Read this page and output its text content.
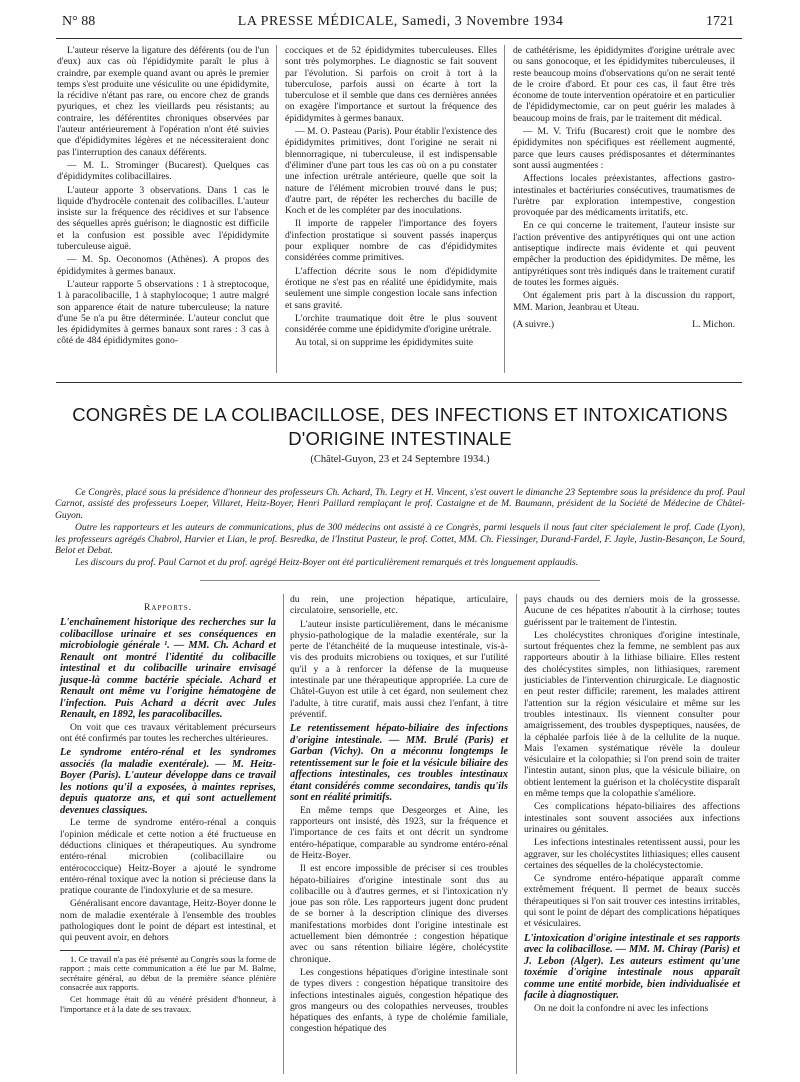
N° 88	LA PRESSE MÉDICALE, Samedi, 3 Novembre 1934	1721

L'auteur réserve la ligature des déférents (ou de l'un d'eux) aux cas où l'épididymite paraît le plus à craindre, par exemple quand avant ou après le premier temps s'est produite une vésiculite ou une épididymite, la récidive n'étant pas rare, ou encore chez de grands pyuriques, et chez les vieillards peu résistants; au contraire, les déférentites chroniques observées par l'auteur antérieurement à l'opération n'ont été suivies que d'épididymites légères et ne nécessiteraient donc pas l'interruption des canaux déférents.

— M. L. Strominger (Bucarest). Quelques cas d'épididymites colibacillaires.

L'auteur apporte 3 observations. Dans 1 cas le liquide d'hydrocèle contenait des colibacilles. L'auteur insiste sur la fréquence des récidives et sur l'absence des séquelles après guérison; le diagnostic est difficile et la confusion est possible avec l'épididymite tuberculeuse aiguë.

— M. Sp. Oeconomos (Athènes). A propos des épididymites à germes banaux.

L'auteur rapporte 5 observations : 1 à streptocoque, 1 à paracolibacille, 1 à staphylocoque; 1 autre malgré son apparence était de nature tuberculeuse; la nature d'une 5e n'a pu être déterminée. L'auteur conclut que les épididymites à germes banaux sont rares : 3 cas à côté de 484 épididymites gono-

cocciques et de 52 épididymites tuberculeuses. Elles sont très polymorphes. Le diagnostic se fait souvent par l'évolution. Si parfois on croit à tort à la tuberculose, parfois aussi on écarte à tort la tuberculose et il semble que dans ces dernières années on exagère l'importance et surtout la fréquence des épididymites à germes banaux.

— M. O. Pasteau (Paris). Pour établir l'existence des épididymites primitives, dont l'origine ne serait ni blennorragique, ni tuberculeuse, il est indispensable d'éliminer d'une part tous les cas où on a pu constater une infection urétrale antérieure, quelle que soit la nature de l'élément microbien trouvé dans le pus; d'autre part, de répéter les recherches du bacille de Koch et de les compléter par des inoculations.

Il importe de rappeler l'importance des foyers d'infection prostatique si souvent passés inaperçus pour expliquer nombre de cas d'épididymites considérées comme primitives.

L'affection décrite sous le nom d'épididymite érotique ne s'est pas en réalité une épididymite, mais seulement une simple congestion locale sans infection et sans gravité.

L'orchite traumatique doit être le plus souvent considérée comme une épididymite d'origine urétrale.

Au total, si on supprime les épididymites suite

de cathétérisme, les épididymites d'origine urétrale avec ou sans gonocoque, et les épididymites tuberculeuses, il reste beaucoup moins d'observations qu'on ne serait tenté de le croire d'abord. Et pour ces cas, il faut être très économe de toute intervention opératoire et en particulier de l'épididymectomie, car on peut guérir les malades à beaucoup moins de frais, par le traitement dit médical.

— M. V. Trifu (Bucarest) croit que le nombre des épididymites non spécifiques est réellement augmenté, parce que leurs causes prédisposantes et déterminantes sont aussi augmentées :

Affections locales préexistantes, affections gastro-intestinales et bactériuries consécutives, traumatismes de l'urètre par exploration intempestive, congestion provoquée par des médicaments irritatifs, etc.

En ce qui concerne le traitement, l'auteur insiste sur l'action préventive des antipyrétiques qui ont une action antiseptique indirecte mais évidente et qui peuvent empêcher la production des épididymites. De même, les antipyrétiques sont très indiqués dans le traitement curatif de toutes les formes aiguës.

Ont également pris part à la discussion du rapport, MM. Marion, Jeanbrau et Uteau.

(A suivre.)	L. Michon.
CONGRÈS DE LA COLIBACILLOSE, DES INFECTIONS ET INTOXICATIONS
D'ORIGINE INTESTINALE
(Châtel-Guyon, 23 et 24 Septembre 1934.)

Ce Congrès, placé sous la présidence d'honneur des professeurs Ch. Achard, Th. Legry et H. Vincent, s'est ouvert le dimanche 23 Septembre sous la présidence du prof. Paul Carnot, assisté des professeurs Loeper, Villaret, Heitz-Boyer, Henri Paillard remplaçant le prof. Castaigne et de M. Baumann, président de la Société de Médecine de Châtel-Guyon.

Outre les rapporteurs et les auteurs de communications, plus de 300 médecins ont assisté à ce Congrès, parmi lesquels il nous faut citer spécialement le prof. Cade (Lyon), les professeurs agrégés Chabrol, Harvier et Lian, le prof. Besredka, de l'Institut Pasteur, le prof. Cottet, MM. Ch. Fiessinger, Durand-Fardel, F. Jayle, Justin-Besançon, Le Sourd, Belot et Debat.

Les discours du prof. Paul Carnot et du prof. agrégé Heitz-Boyer ont été particulièrement remarqués et très longuement applaudis.

Rapports.

L'enchaînement historique des recherches sur la colibacillose urinaire et ses conséquences en microbiologie générale ¹. — MM. Ch. Achard et Renault ont montré l'identité du colibacille intestinal et du colibacille urinaire envisagé jusque-là comme bactérie spéciale. Achard et Renault ont même vu l'origine hématogène de l'infection. Puis Achard a décrit avec Jules Renault, en 1892, les paracolibacilles.

On voit que ces travaux véritablement précurseurs ont été confirmés par toutes les recherches ultérieures.

Le syndrome entéro-rénal et les syndromes associés (la maladie exentérale). — M. Heitz-Boyer (Paris). L'auteur développe dans ce travail les notions qu'il a exposées, à maintes reprises, depuis quatorze ans, et qui sont actuellement devenues classiques.

Le terme de syndrome entéro-rénal a conquis l'opinion médicale et cette notion a été fructueuse en déductions cliniques et thérapeutiques. Au syndrome entéro-rénal microbien (colibacillaire ou entérococcique) Heitz-Boyer a ajouté le syndrome entéro-rénal toxique avec la notion si précieuse dans la pratique courante de l'indoxylurie et de sa mesure.

Généralisant encore davantage, Heitz-Boyer donne le nom de maladie exentérale à l'ensemble des troubles pathologiques dont le point de départ est intestinal, et qui peuvent avoir, en dehors

1. Ce travail n'a pas été présenté au Congrès sous la forme de rapport ; mais cette communication a été lue par M. Balme, secrétaire général, au début de la première séance plénière consacrée aux rapports.

Cet hommage était dû au vénéré président d'honneur, à l'importance et à la date de ses travaux.

du rein, une projection hépatique, articulaire, circulatoire, sensorielle, etc.

L'auteur insiste particulièrement, dans le mécanisme physio-pathologique de la maladie exentérale, sur la perte de l'étanchéité de la muqueuse intestinale, vis-à-vis des produits microbiens ou toxiques, et sur l'utilité qu'il y a à renforcer la défense de la muqueuse intestinale par une thérapeutique appropriée. La cure de Châtel-Guyon est utile à cet égard, non seulement chez l'adulte, à titre curatif, mais aussi chez l'enfant, à titre préventif.

Le retentissement hépato-biliaire des infections d'origine intestinale. — MM. Brulé (Paris) et Garban (Vichy). On a méconnu longtemps le retentissement sur le foie et la vésicule biliaire des affections intestinales, ces troubles intestinaux étant considérés comme secondaires, tandis qu'ils sont en réalité primitifs.

En même temps que Desgeorges et Aine, les rapporteurs ont insisté, dès 1923, sur la fréquence et l'importance de ces faits et ont décrit un syndrome entéro-hépatique, comparable au syndrome entéro-rénal de Heitz-Boyer.

Il est encore impossible de préciser si ces troubles hépato-biliaires d'origine intestinale sont dus au colibacille ou à d'autres germes, et si l'intoxication n'y joue pas son rôle. Les rapporteurs jugent donc prudent de se borner à la description clinique des diverses manifestations morbides dont l'origine intestinale est actuellement bien démontrée : congestion hépatique avec ou sans rétention biliaire légère, cholécystite chronique.

Les congestions hépatiques d'origine intestinale sont de types divers : congestion hépatique transitoire des infections intestinales aiguës, congestion hépatique des gros mangeurs ou des colopathies nerveuses, troubles hépatiques des enfants, à type de cholémie familiale, congestion hépatique des

pays chauds ou des derniers mois de la grossesse. Aucune de ces hépatites n'aboutit à la cirrhose; toutes guérissent par le traitement de l'intestin.

Les cholécystites chroniques d'origine intestinale, surtout fréquentes chez la femme, ne semblent pas aux rapporteurs aboutir à la lithiase biliaire. Elles restent des cholécystites simples, non lithiasiques, rarement justiciables de l'intervention chirurgicale. Le diagnostic en peut rester difficile; rarement, les malades attirent l'attention sur la région vésiculaire et même sur les troubles intestinaux. Ils viennent consulter pour amaigrissement, des troubles dyspeptiques, nausées, de la céphalée parfois liée à de la cellulite de la nuque. Mais l'examen systématique révèle la douleur vésiculaire et la colopathie; si l'on prend soin de traiter l'intestin autant, sinon plus, que la vésicule biliaire, on obtient lentement la guérison et la cholécystite disparaît en même temps que la colopathie s'améliore.

Ces complications hépato-biliaires des affections intestinales sont souvent associées aux infections urinaires ou génitales.

Les infections intestinales retentissent aussi, pour les aggraver, sur les cholécystites lithiasiques; elles causent certaines des séquelles de la cholécystectomie.

Ce syndrome entéro-hépatique apparaît comme extrêmement fréquent. Il permet de beaux succès thérapeutiques si l'on sait trouver ces intestins irritables, qui sont le point de départ des complications hépatiques et vésiculaires.

L'intoxication d'origine intestinale et ses rapports avec la colibacillose. — MM. M. Chiray (Paris) et J. Lebon (Alger). Les auteurs estiment qu'une toxémie d'origine intestinale nous apparaît comme une entité morbide, bien individualisée et facile à diagnostiquer.

On ne doit la confondre ni avec les infections
